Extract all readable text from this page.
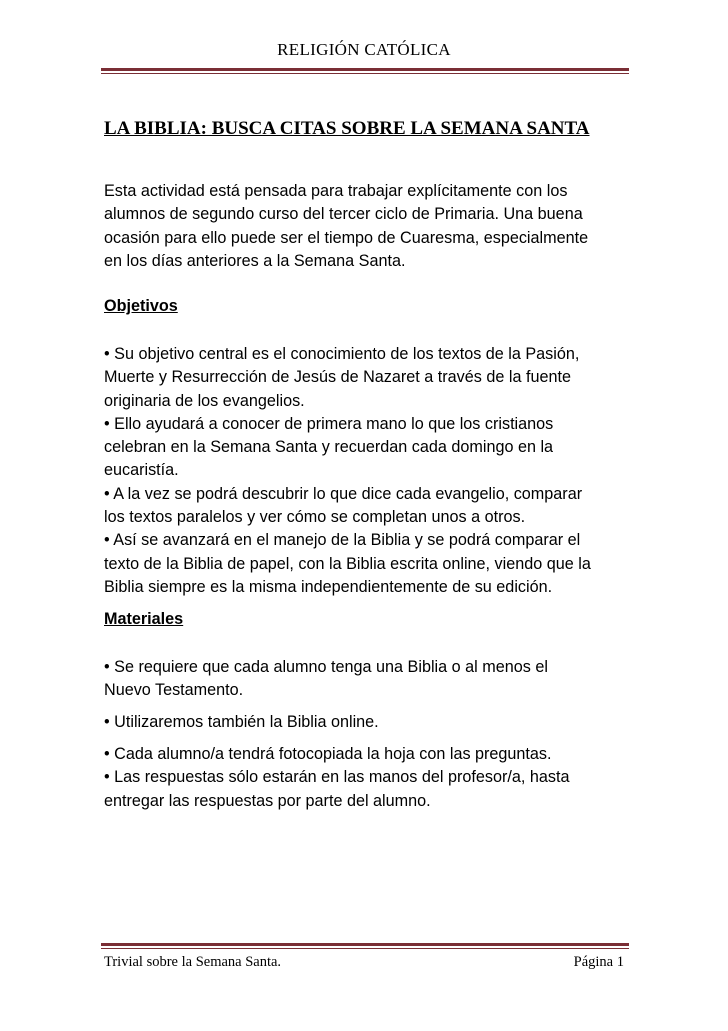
RELIGIÓN CATÓLICA
LA BIBLIA: BUSCA CITAS SOBRE LA SEMANA SANTA
Esta actividad está pensada para trabajar explícitamente con los
alumnos de segundo curso del tercer ciclo de Primaria. Una buena
ocasión para ello puede ser el tiempo de Cuaresma, especialmente
en los días anteriores a la Semana Santa.
Objetivos
• Su objetivo central es el conocimiento de los textos de la Pasión,
Muerte y Resurrección de Jesús de Nazaret a través de la fuente
originaria de los evangelios.
• Ello ayudará a conocer de primera mano lo que los cristianos
celebran en la Semana Santa y recuerdan cada domingo en la
eucaristía.
• A la vez se podrá descubrir lo que dice cada evangelio, comparar
los textos paralelos y ver cómo se completan unos a otros.
• Así se avanzará en el manejo de la Biblia y se podrá comparar el
texto de la Biblia de papel, con la Biblia escrita online, viendo que la
Biblia siempre es la misma independientemente de su edición.
Materiales
• Se requiere que cada alumno tenga una Biblia o al menos el
Nuevo Testamento.
• Utilizaremos también la Biblia online.
• Cada alumno/a tendrá fotocopiada la hoja con las preguntas.
• Las respuestas sólo estarán en las manos del profesor/a, hasta
entregar las respuestas por parte del alumno.
Trivial sobre la Semana Santa.	Página 1
